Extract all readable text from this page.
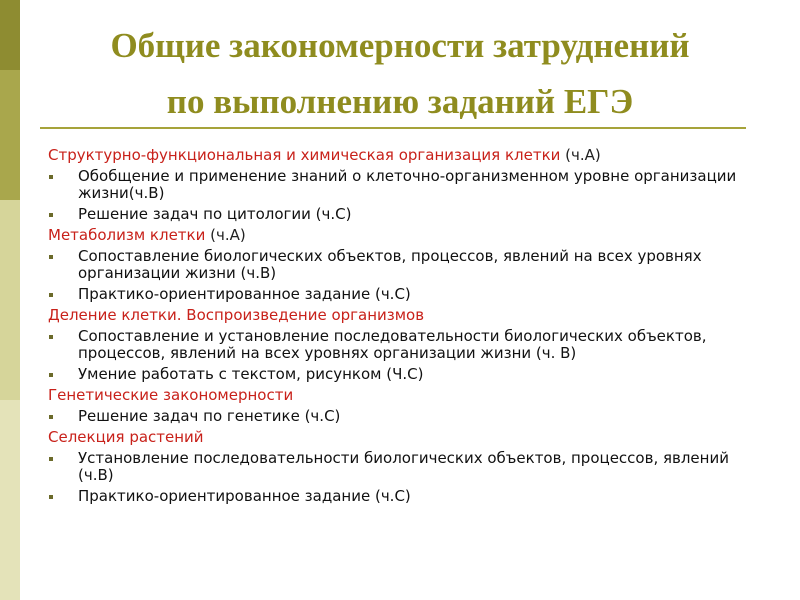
Общие закономерности затруднений
по выполнению заданий ЕГЭ

Структурно-функциональная и химическая организация клетки (ч.А)

Обобщение и применение знаний о клеточно-организменном уровне организации жизни(ч.В)
Решение задач по цитологии (ч.С)

Метаболизм клетки (ч.А)

Сопоставление биологических объектов, процессов, явлений на всех уровнях организации жизни (ч.В)
Практико-ориентированное задание (ч.С)

Деление клетки. Воспроизведение организмов

Сопоставление и установление последовательности биологических объектов, процессов, явлений на всех уровнях организации жизни (ч. В)
Умение работать с текстом, рисунком (Ч.С)

Генетические закономерности

Решение задач по генетике (ч.С)

Селекция растений

Установление последовательности биологических объектов, процессов, явлений (ч.В)
Практико-ориентированное задание (ч.С)
